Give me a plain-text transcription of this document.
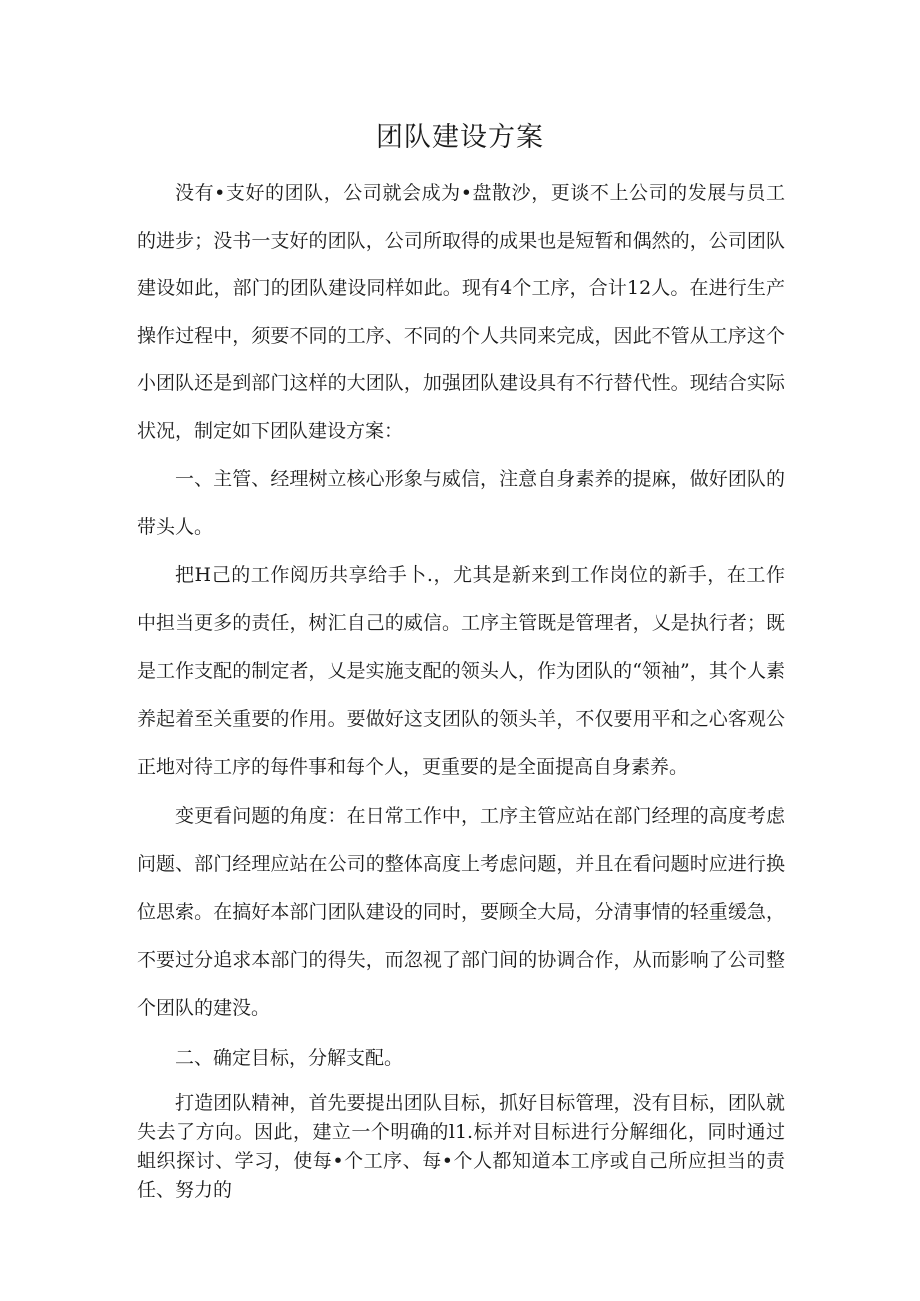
团队建设方案

没有•支好的团队，公司就会成为•盘散沙，更谈不上公司的发展与员工的进步；没书一支好的团队，公司所取得的成果也是短暂和偶然的，公司团队建设如此，部门的团队建设同样如此。现有4个工序，合计12人。在进行生产操作过程中，须要不同的工序、不同的个人共同来完成，因此不管从工序这个小团队还是到部门这样的大团队，加强团队建设具有不行替代性。现结合实际状况，制定如下团队建设方案：

一、主管、经理树立核心形象与威信，注意自身素养的提麻，做好团队的带头人。

把H己的工作阅历共享给手卜.，尤其是新来到工作岗位的新手，在工作中担当更多的责任，树汇自己的威信。工序主管既是管理者，乂是执行者；既是工作支配的制定者，乂是实施支配的领头人，作为团队的“领袖”，其个人素养起着至关重要的作用。要做好这支团队的领头羊，不仅要用平和之心客观公正地对待工序的每件事和每个人，更重要的是全面提高自身素养。

变更看问题的角度：在日常工作中，工序主管应站在部门经理的高度考虑问题、部门经理应站在公司的整体高度上考虑问题，并且在看问题时应进行换位思索。在搞好本部门团队建设的同时，要顾全大局，分清事情的轻重缓急，不要过分追求本部门的得失，而忽视了部门间的协调合作，从而影响了公司整个团队的建没。

二、确定目标，分解支配。

打造团队精神，首先要提出团队目标，抓好目标管理，没有目标，团队就失去了方向。因此，建立一个明确的l1.标并对目标进行分解细化，同时通过蛆织探讨、学习，使每•个工序、每•个人都知道本工序或自己所应担当的责任、努力的
